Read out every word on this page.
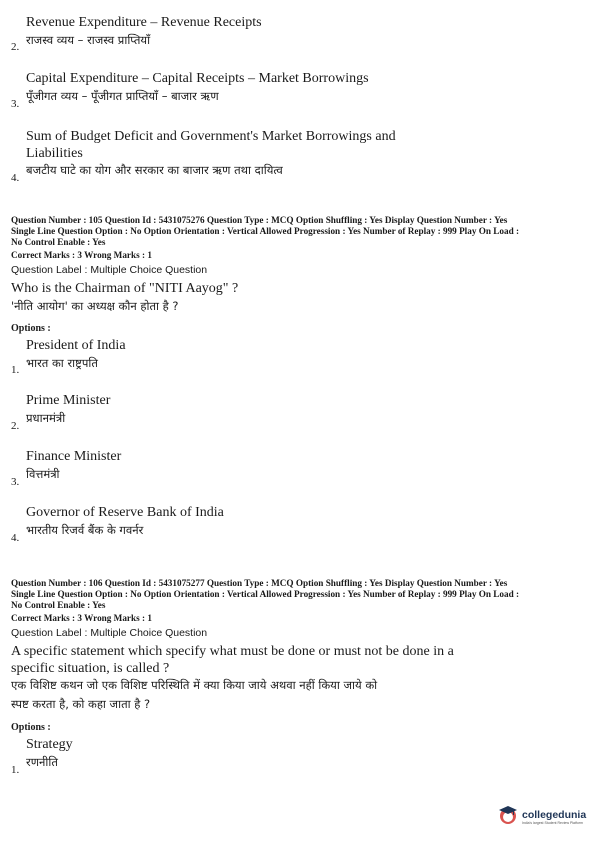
Revenue Expenditure – Revenue Receipts
2. राजस्व व्यय – राजस्व प्राप्तियाँ
Capital Expenditure – Capital Receipts – Market Borrowings
3.
पूँजीगत व्यय – पूँजीगत प्राप्तियाँ – बाजार ऋण
Sum of Budget Deficit and Government's Market Borrowings and
Liabilities
4.
बजटीय घाटे का योग और सरकार का बाजार ऋण तथा दायित्व
Question Number : 105 Question Id : 5431075276 Question Type : MCQ Option Shuffling : Yes Display Question Number : Yes
Single Line Question Option : No Option Orientation : Vertical Allowed Progression : Yes Number of Replay : 999 Play On Load :
No Control Enable : Yes
Correct Marks : 3 Wrong Marks : 1
Question Label : Multiple Choice Question
Who is the Chairman of "NITI Aayog" ?
'नीति आयोग' का अध्यक्ष कौन होता है ?
Options :
President of India
1. भारत का राष्ट्रपति
Prime Minister
2.
प्रधानमंत्री
Finance Minister
3.
वित्तमंत्री
Governor of Reserve Bank of India
4.
भारतीय रिजर्व बैंक के गवर्नर
Question Number : 106 Question Id : 5431075277 Question Type : MCQ Option Shuffling : Yes Display Question Number : Yes
Single Line Question Option : No Option Orientation : Vertical Allowed Progression : Yes Number of Replay : 999 Play On Load :
No Control Enable : Yes
Correct Marks : 3 Wrong Marks : 1
Question Label : Multiple Choice Question
A specific statement which specify what must be done or must not be done in a
specific situation, is called ?
एक विशिष्ट कथन जो एक विशिष्ट परिस्थिति में क्या किया जाये अथवा नहीं किया जाये को
स्पष्ट करता है, को कहा जाता है ?
Options :
Strategy
1.
रणनीति
collegedunia
India's largest Student Review Platform
